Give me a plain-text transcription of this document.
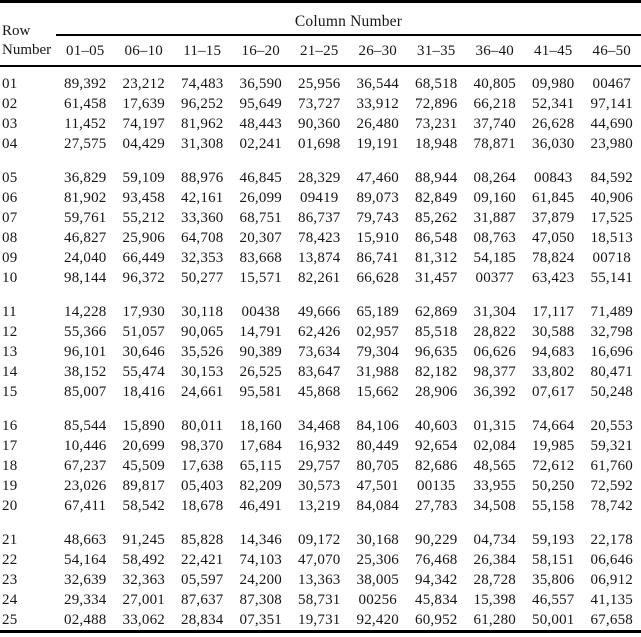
Row
Number	Column Number									
	01–05	06–10	11–15	16–20	21–25	26–30	31–35	36–40	41–45	46–50
01	89,392	23,212	74,483	36,590	25,956	36,544	68,518	40,805	09,980	00467
02	61,458	17,639	96,252	95,649	73,727	33,912	72,896	66,218	52,341	97,141
03	11,452	74,197	81,962	48,443	90,360	26,480	73,231	37,740	26,628	44,690
04	27,575	04,429	31,308	02,241	01,698	19,191	18,948	78,871	36,030	23,980

05	36,829	59,109	88,976	46,845	28,329	47,460	88,944	08,264	00843	84,592
06	81,902	93,458	42,161	26,099	09419	89,073	82,849	09,160	61,845	40,906
07	59,761	55,212	33,360	68,751	86,737	79,743	85,262	31,887	37,879	17,525
08	46,827	25,906	64,708	20,307	78,423	15,910	86,548	08,763	47,050	18,513
09	24,040	66,449	32,353	83,668	13,874	86,741	81,312	54,185	78,824	00718
10	98,144	96,372	50,277	15,571	82,261	66,628	31,457	00377	63,423	55,141

11	14,228	17,930	30,118	00438	49,666	65,189	62,869	31,304	17,117	71,489
12	55,366	51,057	90,065	14,791	62,426	02,957	85,518	28,822	30,588	32,798
13	96,101	30,646	35,526	90,389	73,634	79,304	96,635	06,626	94,683	16,696
14	38,152	55,474	30,153	26,525	83,647	31,988	82,182	98,377	33,802	80,471
15	85,007	18,416	24,661	95,581	45,868	15,662	28,906	36,392	07,617	50,248

16	85,544	15,890	80,011	18,160	34,468	84,106	40,603	01,315	74,664	20,553
17	10,446	20,699	98,370	17,684	16,932	80,449	92,654	02,084	19,985	59,321
18	67,237	45,509	17,638	65,115	29,757	80,705	82,686	48,565	72,612	61,760
19	23,026	89,817	05,403	82,209	30,573	47,501	00135	33,955	50,250	72,592
20	67,411	58,542	18,678	46,491	13,219	84,084	27,783	34,508	55,158	78,742

21	48,663	91,245	85,828	14,346	09,172	30,168	90,229	04,734	59,193	22,178
22	54,164	58,492	22,421	74,103	47,070	25,306	76,468	26,384	58,151	06,646
23	32,639	32,363	05,597	24,200	13,363	38,005	94,342	28,728	35,806	06,912
24	29,334	27,001	87,637	87,308	58,731	00256	45,834	15,398	46,557	41,135
25	02,488	33,062	28,834	07,351	19,731	92,420	60,952	61,280	50,001	67,658
